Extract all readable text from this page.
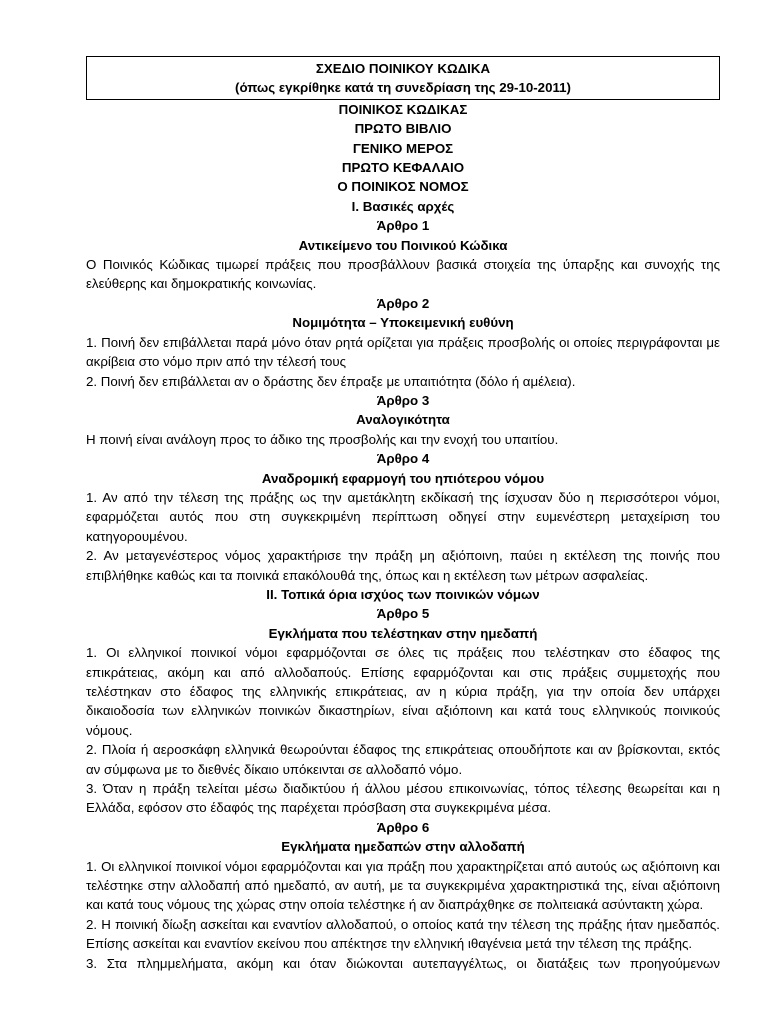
ΣΧΕΔΙΟ ΠΟΙΝΙΚΟΥ ΚΩΔΙΚΑ
(όπως εγκρίθηκε κατά τη συνεδρίαση της 29-10-2011)
ΠΟΙΝΙΚΟΣ ΚΩΔΙΚΑΣ
ΠΡΩΤΟ ΒΙΒΛΙΟ
ΓΕΝΙΚΟ ΜΕΡΟΣ
ΠΡΩΤΟ ΚΕΦΑΛΑΙΟ
Ο ΠΟΙΝΙΚΟΣ ΝΟΜΟΣ
I. Βασικές αρχές
Άρθρο 1
Αντικείμενο του Ποινικού Κώδικα
Ο Ποινικός Κώδικας τιμωρεί πράξεις που προσβάλλουν βασικά στοιχεία της ύπαρξης και συνοχής της ελεύθερης και δημοκρατικής κοινωνίας.
Άρθρο 2
Νομιμότητα – Υποκειμενική ευθύνη
1. Ποινή δεν επιβάλλεται παρά μόνο όταν ρητά ορίζεται για πράξεις προσβολής οι οποίες περιγράφονται με ακρίβεια στο νόμο πριν από την τέλεσή τους
2. Ποινή δεν επιβάλλεται αν ο δράστης δεν έπραξε με υπαιτιότητα (δόλο ή αμέλεια).
Άρθρο 3
Αναλογικότητα
Η ποινή είναι ανάλογη προς το άδικο της προσβολής και την ενοχή του υπαιτίου.
Άρθρο 4
Αναδρομική εφαρμογή του ηπιότερου νόμου
1. Αν από την τέλεση της πράξης ως την αμετάκλητη εκδίκασή της ίσχυσαν δύο η περισσότεροι νόμοι, εφαρμόζεται αυτός που στη συγκεκριμένη περίπτωση οδηγεί στην ευμενέστερη μεταχείριση του κατηγορουμένου.
2. Αν μεταγενέστερος νόμος χαρακτήρισε την πράξη μη αξιόποινη, παύει η εκτέλεση της ποινής που επιβλήθηκε καθώς και τα ποινικά επακόλουθά της, όπως και η εκτέλεση των μέτρων ασφαλείας.
II. Τοπικά όρια ισχύος των ποινικών νόμων
Άρθρο 5
Εγκλήματα που τελέστηκαν στην ημεδαπή
1. Οι ελληνικοί ποινικοί νόμοι εφαρμόζονται σε όλες τις πράξεις που τελέστηκαν στο έδαφος της επικράτειας, ακόμη και από αλλοδαπούς. Επίσης εφαρμόζονται και στις πράξεις συμμετοχής που τελέστηκαν στο έδαφος της ελληνικής επικράτειας, αν η κύρια πράξη, για την οποία δεν υπάρχει δικαιοδοσία των ελληνικών ποινικών δικαστηρίων, είναι αξιόποινη και κατά τους ελληνικούς ποινικούς νόμους.
2. Πλοία ή αεροσκάφη ελληνικά θεωρούνται έδαφος της επικράτειας οπουδήποτε και αν βρίσκονται, εκτός αν σύμφωνα με το διεθνές δίκαιο υπόκεινται σε αλλοδαπό νόμο.
3. Όταν η πράξη τελείται μέσω διαδικτύου ή άλλου μέσου επικοινωνίας, τόπος τέλεσης θεωρείται και η Ελλάδα, εφόσον στο έδαφός της παρέχεται πρόσβαση στα συγκεκριμένα μέσα.
Άρθρο 6
Εγκλήματα ημεδαπών στην αλλοδαπή
1. Οι ελληνικοί ποινικοί νόμοι εφαρμόζονται και για πράξη που χαρακτηρίζεται από αυτούς ως αξιόποινη και τελέστηκε στην αλλοδαπή από ημεδαπό, αν αυτή, με τα συγκεκριμένα χαρακτηριστικά της, είναι αξιόποινη και κατά τους νόμους της χώρας στην οποία τελέστηκε ή αν διαπράχθηκε σε πολιτειακά ασύντακτη χώρα.
2. Η ποινική δίωξη ασκείται και εναντίον αλλοδαπού, ο οποίος κατά την τέλεση της πράξης ήταν ημεδαπός. Επίσης ασκείται και εναντίον εκείνου που απέκτησε την ελληνική ιθαγένεια μετά την τέλεση της πράξης.
3. Στα πλημμελήματα, ακόμη και όταν διώκονται αυτεπαγγέλτως, οι διατάξεις των προηγούμενων
